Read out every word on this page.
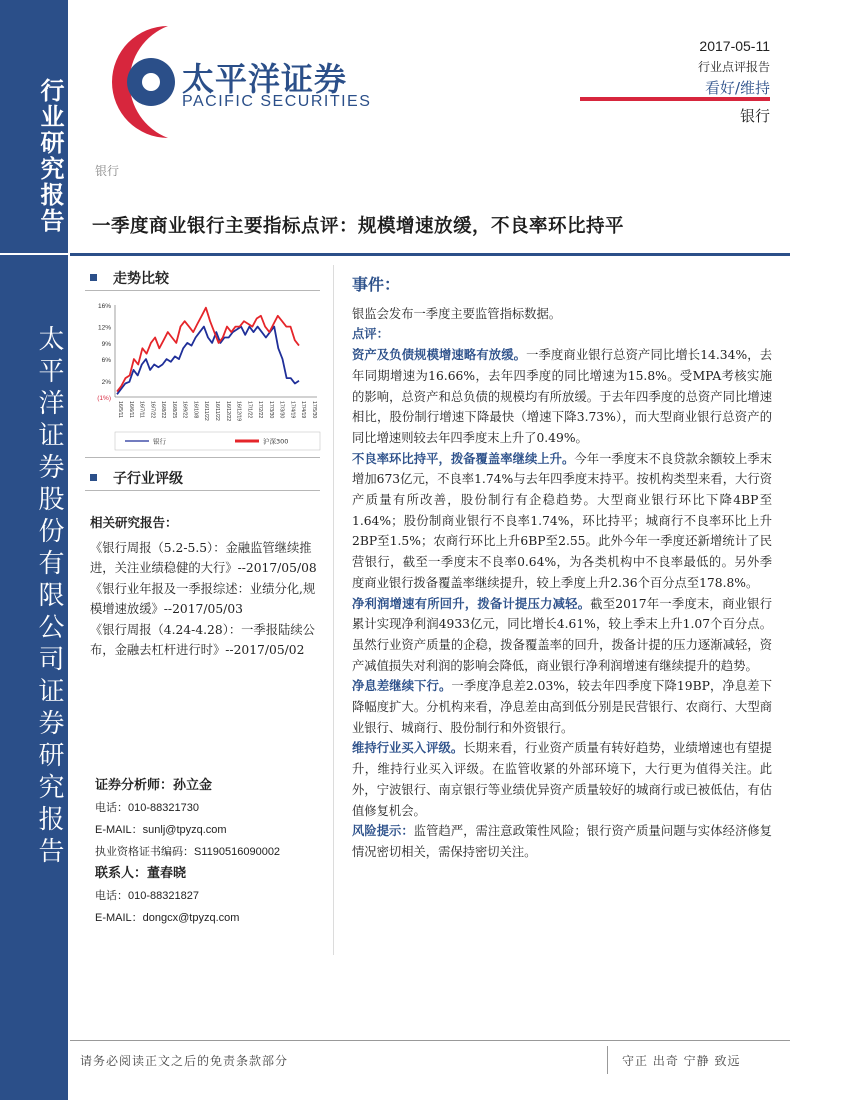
行业研究报告
太平洋证券股份有限公司证券研究报告
太平洋证券
PACIFIC SECURITIES
2017-05-11
行业点评报告
看好/维持
银行
银行
一季度商业银行主要指标点评：规模增速放缓，不良率环比持平
走势比较
16%
12%
9%
6%
2%
(1%)
16/5/11 16/6/11 16/7/11 16/7/22 16/8/22 16/8/25 16/9/22 16/10/8 16/11/22 16/11/22 16/12/22 16/12/19 17/1/22 17/2/22 17/3/30 17/3/30 17/4/19 17/4/19 17/5/30
银行	沪深300
子行业评级
相关研究报告：

《银行周报（5.2-5.5）：金融监管继续推进，关注业绩稳健的大行》--2017/05/08

《银行业年报及一季报综述：业绩分化,规模增速放缓》--2017/05/03

《银行周报（4.24-4.28）：一季报陆续公布，金融去杠杆进行时》--2017/05/02

证券分析师：孙立金
电话：010-88321730
E-MAIL：sunlj@tpyzq.com
执业资格证书编码：S1190516090002
联系人：董春晓
电话：010-88321827
E-MAIL：dongcx@tpyzq.com
事件：

银监会发布一季度主要监管指标数据。

点评：

资产及负债规模增速略有放缓。一季度商业银行总资产同比增长14.34%，去年同期增速为16.66%，去年四季度的同比增速为15.8%。受MPA考核实施的影响，总资产和总负债的规模均有所放缓。于去年四季度的总资产同比增速相比，股份制行增速下降最快（增速下降3.73%），而大型商业银行总资产的同比增速则较去年四季度末上升了0.49%。

不良率环比持平，拨备覆盖率继续上升。今年一季度末不良贷款余额较上季末增加673亿元，不良率1.74%与去年四季度末持平。按机构类型来看，大行资产质量有所改善，股份制行有企稳趋势。大型商业银行环比下降4BP至1.64%；股份制商业银行不良率1.74%，环比持平；城商行不良率环比上升2BP至1.5%；农商行环比上升6BP至2.55。此外今年一季度还新增统计了民营银行，截至一季度末不良率0.64%，为各类机构中不良率最低的。另外季度商业银行拨备覆盖率继续提升，较上季度上升2.36个百分点至178.8%。

净利润增速有所回升，拨备计提压力减轻。截至2017年一季度末，商业银行累计实现净利润4933亿元，同比增长4.61%，较上季末上升1.07个百分点。虽然行业资产质量的企稳，拨备覆盖率的回升，拨备计提的压力逐渐减轻，资产减值损失对利润的影响会降低，商业银行净利润增速有继续提升的趋势。

净息差继续下行。一季度净息差2.03%，较去年四季度下降19BP，净息差下降幅度扩大。分机构来看，净息差由高到低分别是民营银行、农商行、大型商业银行、城商行、股份制行和外资银行。

维持行业买入评级。长期来看，行业资产质量有转好趋势，业绩增速也有望提升，维持行业买入评级。在监管收紧的外部环境下，大行更为值得关注。此外，宁波银行、南京银行等业绩优异资产质量较好的城商行或已被低估，有估值修复机会。

风险提示：监管趋严，需注意政策性风险；银行资产质量问题与实体经济修复情况密切相关，需保持密切关注。

请务必阅读正文之后的免责条款部分	守正 出奇 宁静 致远
